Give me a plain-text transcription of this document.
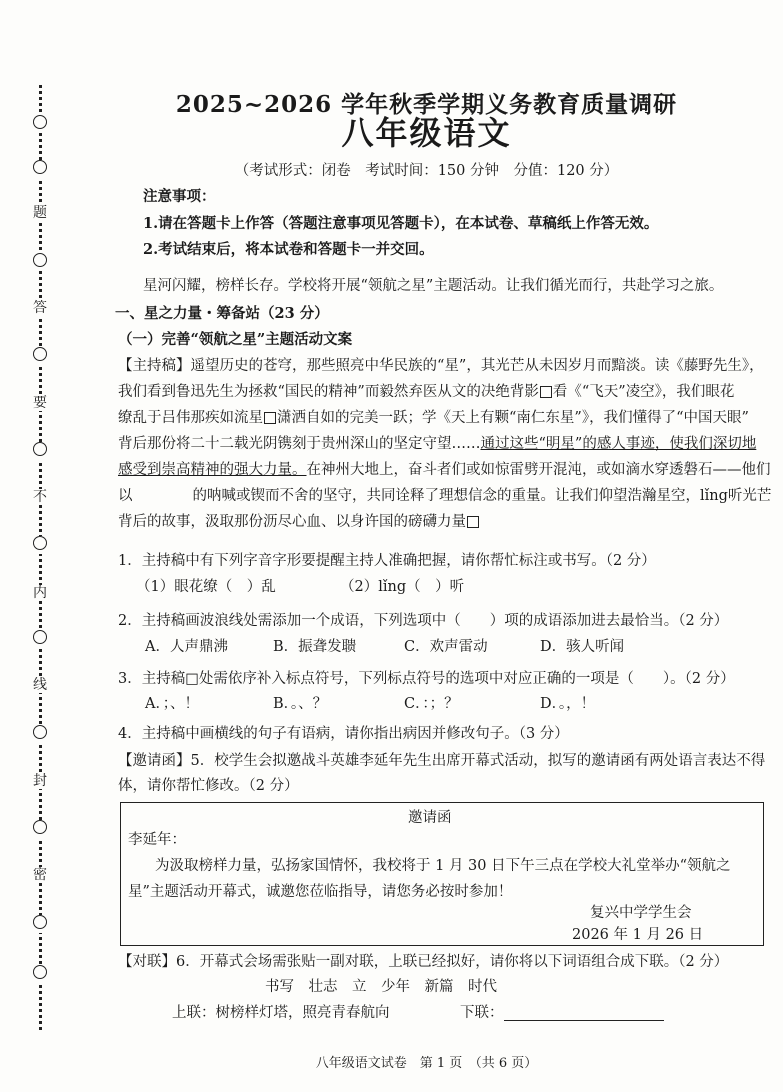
题
答
要
不
内
线
封
密
2025~2026 学年秋季学期义务教育质量调研
八年级语文
（考试形式：闭卷　考试时间：150 分钟　分值：120 分）
注意事项：
1.请在答题卡上作答（答题注意事项见答题卡），在本试卷、草稿纸上作答无效。
2.考试结束后，将本试卷和答题卡一并交回。
星河闪耀，榜样长存。学校将开展“领航之星”主题活动。让我们循光而行，共赴学习之旅。
一、星之力量・筹备站（23 分）
（一）完善“领航之星”主题活动文案
【主持稿】遥望历史的苍穹，那些照亮中华民族的“星”，其光芒从未因岁月而黯淡。读《藤野先生》，
我们看到鲁迅先生为拯救“国民的精神”而毅然弃医从文的决绝背影 看《“飞天”凌空》，我们眼花
缭乱于吕伟那疾如流星 潇洒自如的完美一跃；学《天上有颗“南仁东星”》，我们懂得了“中国天眼”
背后那份将二十二载光阴镌刻于贵州深山的坚定守望……通过这些“明星”的感人事迹，使我们深切地
感受到崇高精神的强大力量。在神州大地上，奋斗者们或如惊雷劈开混沌，或如滴水穿透磐石——他们
以	的呐喊或锲而不舍的坚守，共同诠释了理想信念的重量。让我们仰望浩瀚星空，lǐng听光芒
背后的故事，汲取那份沥尽心血、以身许国的磅礴力量
1．主持稿中有下列字音字形要提醒主持人准确把握，请你帮忙标注或书写。（2 分）
（1）眼花缭（　）乱	（2）lǐng（　）听
2．主持稿画波浪线处需添加一个成语，下列选项中（　　）项的成语添加进去最恰当。（2 分）
A．人声鼎沸	B．振聋发聩	C．欢声雷动	D．骇人听闻
3．主持稿□处需依序补入标点符号，下列标点符号的选项中对应正确的一项是（　　）。（2 分）
A．；、！	B．。、？	C．：；？	D．。，！
4．主持稿中画横线的句子有语病，请你指出病因并修改句子。（3 分）
【邀请函】5．校学生会拟邀战斗英雄李延年先生出席开幕式活动，拟写的邀请函有两处语言表达不得
体，请你帮忙修改。（2 分）
邀请函
李延年：
为汲取榜样力量，弘扬家国情怀，我校将于 1 月 30 日下午三点在学校大礼堂举办“领航之
星”主题活动开幕式，诚邀您莅临指导，请您务必按时参加！
复兴中学学生会
2026 年 1 月 26 日
【对联】6．开幕式会场需张贴一副对联，上联已经拟好，请你将以下词语组合成下联。（2 分）
书写　壮志　立　少年　新篇　时代
上联：树榜样灯塔，照亮青春航向	下联：
八年级语文试卷　第 1 页　（共 6 页）
